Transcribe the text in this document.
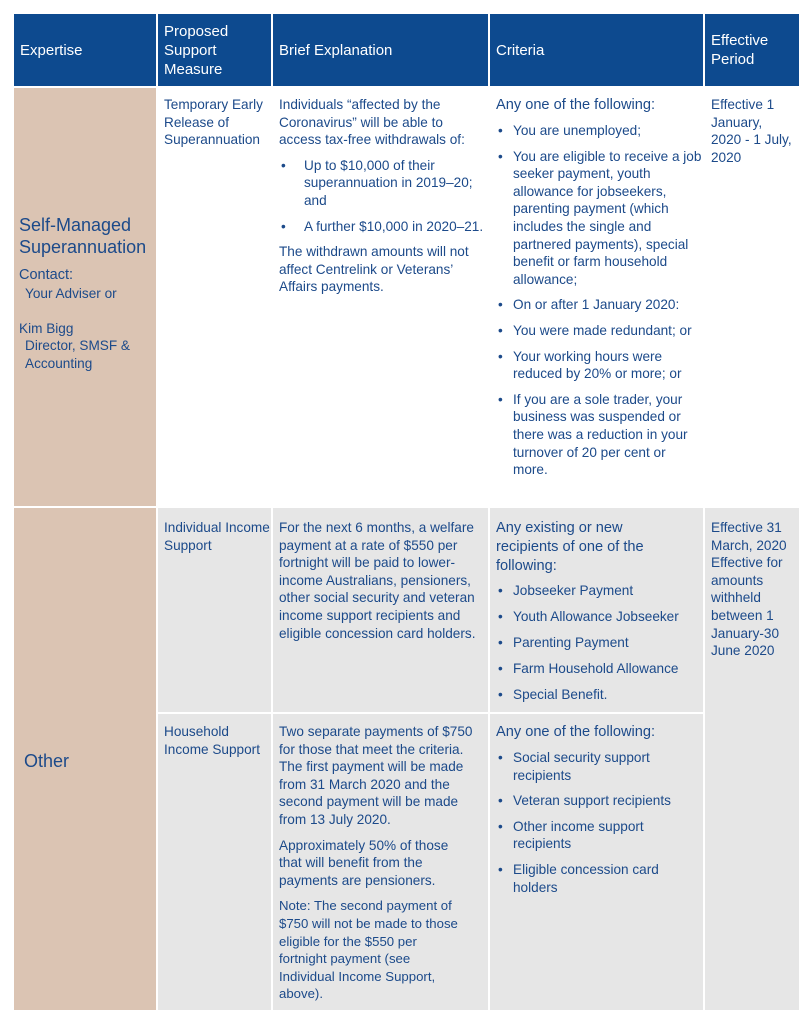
Expertise
Proposed Support Measure
Brief Explanation	Criteria
Effective Period
Self-Managed Superannuation
Contact:
Your Adviser or
Kim Bigg
Director, SMSF & Accounting
Temporary Early Release of Superannuation

Individuals “affected by the Coronavirus” will be able to access tax-free withdrawals of:

• Up to $10,000 of their superannuation in 2019–20; and
• A further $10,000 in 2020–21.

The withdrawn amounts will not affect Centrelink or Veterans’ Affairs payments.

Any one of the following:
• You are unemployed;
• You are eligible to receive a job seeker payment, youth allowance for jobseekers, parenting payment (which includes the single and partnered payments), special benefit or farm household allowance;
• On or after 1 January 2020:
• You were made redundant; or
• Your working hours were reduced by 20% or more; or
• If you are a sole trader, your business was suspended or there was a reduction in your turnover of 20 per cent or more.
Effective 1 January, 2020 - 1 July, 2020
Other
Individual Income Support
For the next 6 months, a welfare payment at a rate of $550 per fortnight will be paid to lower-income Australians, pensioners, other social security and veteran income support recipients and eligible concession card holders.
Any existing or new recipients of one of the following:
• Jobseeker Payment
• Youth Allowance Jobseeker
• Parenting Payment
• Farm Household Allowance
• Special Benefit.
Household Income Support

Two separate payments of $750 for those that meet the criteria. The first payment will be made from 31 March 2020 and the second payment will be made from 13 July 2020.

Approximately 50% of those that will benefit from the payments are pensioners.

Note: The second payment of $750 will not be made to those eligible for the $550 per fortnight payment (see Individual Income Support, above).

Any one of the following:
• Social security support recipients
• Veteran support recipients
• Other income support recipients
• Eligible concession card holders
Effective 31 March, 2020
Effective for amounts withheld between 1 January-30 June 2020
